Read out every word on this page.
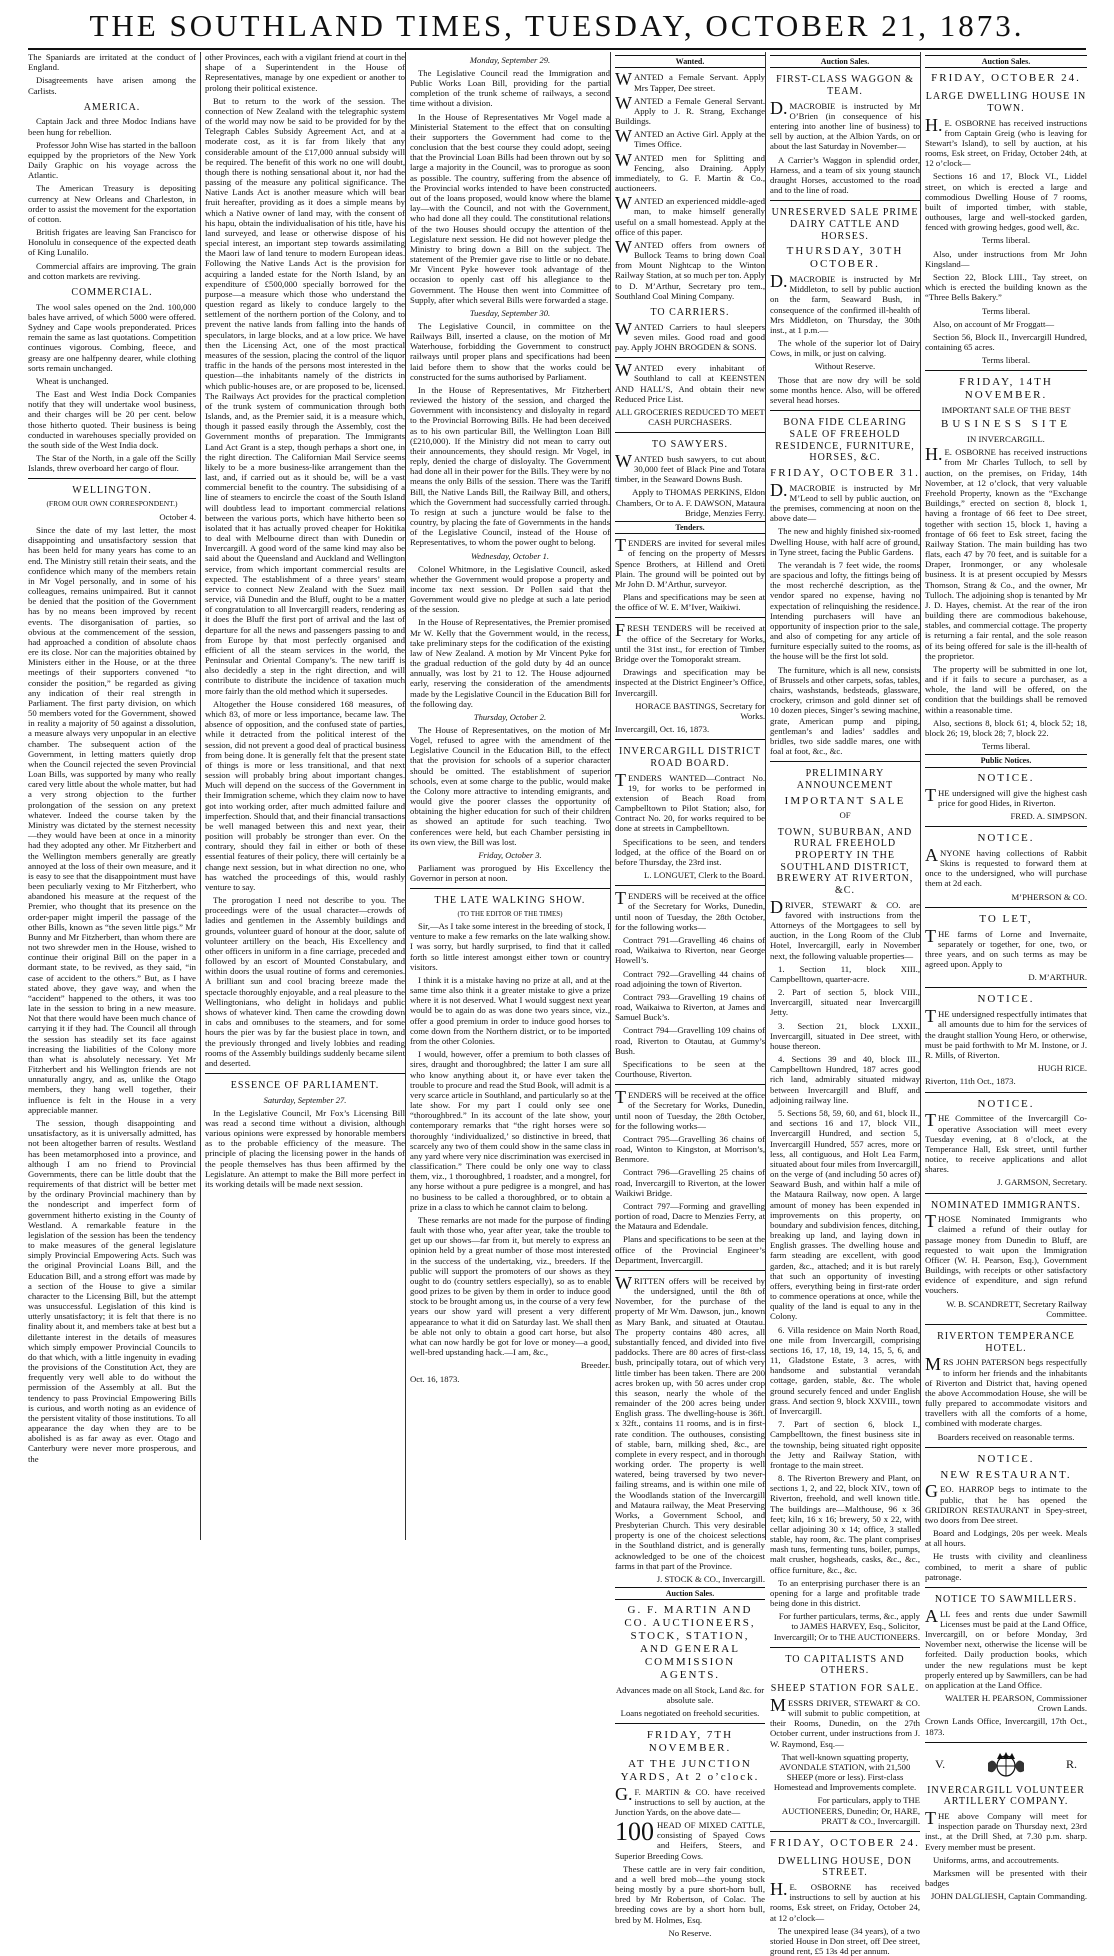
THE SOUTHLAND TIMES, TUESDAY, OCTOBER 21, 1873.

The Spaniards are irritated at the conduct of England.

Disagreements have arisen among the Carlists.

AMERICA.

Captain Jack and three Modoc Indians have been hung for rebellion.

Professor John Wise has started in the balloon equipped by the proprietors of the New York Daily Graphic on his voyage across the Atlantic.

The American Treasury is depositing currency at New Orleans and Charleston, in order to assist the movement for the exportation of cotton.

British frigates are leaving San Francisco for Honolulu in consequence of the expected death of King Lunalilo.

Commercial affairs are improving. The grain and cotton markets are reviving.

COMMERCIAL.

The wool sales opened on the 2nd. 100,000 bales have arrived, of which 5000 were offered. Sydney and Cape wools preponderated. Prices remain the same as last quotations. Competition continues vigorous. Combing, fleece, and greasy are one halfpenny dearer, while clothing sorts remain unchanged.

Wheat is unchanged.

The East and West India Dock Companies notify that they will undertake wool business, and their charges will be 20 per cent. below those hitherto quoted. Their business is being conducted in warehouses specially provided on the south side of the West India dock.

The Star of the North, in a gale off the Scilly Islands, threw overboard her cargo of flour.

WELLINGTON.

(FROM OUR OWN CORRESPONDENT.)

October 4.

Since the date of my last letter, the most disappointing and unsatisfactory session that has been held for many years has come to an end. The Ministry still retain their seats, and the confidence which many of the members retain in Mr Vogel personally, and in some of his colleagues, remains unimpaired. But it cannot be denied that the position of the Government has by no means been improved by recent events. The disorganisation of parties, so obvious at the commencement of the session, had approached a condition of absolute chaos ere its close. Nor can the majorities obtained by Ministers either in the House, or at the three meetings of their supporters convened “to consider the position,” be regarded as giving any indication of their real strength in Parliament. The first party division, on which 50 members voted for the Government, showed in reality a majority of 50 against a dissolution, a measure always very unpopular in an elective chamber. The subsequent action of the Government, in letting matters quietly drop when the Council rejected the seven Provincial Loan Bills, was supported by many who really cared very little about the whole matter, but had a very strong objection to the further prolongation of the session on any pretext whatever. Indeed the course taken by the Ministry was dictated by the sternest necessity—they would have been at once in a minority had they adopted any other. Mr Fitzherbert and the Wellington members generally are greatly annoyed at the loss of their own measure, and it is easy to see that the disappointment must have been peculiarly vexing to Mr Fitzherbert, who abandoned his measure at the request of the Premier, who thought that its presence on the order-paper might imperil the passage of the other Bills, known as “the seven little pigs.” Mr Bunny and Mr Fitzherbert, than whom there are not two shrewder men in the House, wished to continue their original Bill on the paper in a dormant state, to be revived, as they said, “in case of accident to the others.” But, as I have stated above, they gave way, and when the “accident” happened to the others, it was too late in the session to bring in a new measure. Not that there would have been much chance of carrying it if they had. The Council all through the session has steadily set its face against increasing the liabilities of the Colony more than what is absolutely necessary. Yet Mr Fitzherbert and his Wellington friends are not unnaturally angry, and as, unlike the Otago members, they hang well together, their influence is felt in the House in a very appreciable manner.

The session, though disappointing and unsatisfactory, as it is universally admitted, has not been altogether barren of results. Westland has been metamorphosed into a province, and although I am no friend to Provincial Governments, there can be little doubt that the requirements of that district will be better met by the ordinary Provincial machinery than by the nondescript and imperfect form of government hitherto existing in the County of Westland. A remarkable feature in the legislation of the session has been the tendency to make measures of the general legislature simply Provincial Empowering Acts. Such was the original Provincial Loans Bill, and the Education Bill, and a strong effort was made by a section of the House to give a similar character to the Licensing Bill, but the attempt was unsuccessful. Legislation of this kind is utterly unsatisfactory; it is felt that there is no finality about it, and members take at best but a dilettante interest in the details of measures which simply empower Provincial Councils to do that which, with a little ingenuity in evading the provisions of the Constitution Act, they are frequently very well able to do without the permission of the Assembly at all. But the tendency to pass Provincial Empowering Bills is curious, and worth noting as an evidence of the persistent vitality of those institutions. To all appearance the day when they are to be abolished is as far away as ever. Otago and Canterbury were never more prosperous, and the

other Provinces, each with a vigilant friend at court in the shape of a Superintendent in the House of Representatives, manage by one expedient or another to prolong their political existence.

But to return to the work of the session. The connection of New Zealand with the telegraphic system of the world may now be said to be provided for by the Telegraph Cables Subsidy Agreement Act, and at a moderate cost, as it is far from likely that any considerable amount of the £17,000 annual subsidy will be required. The benefit of this work no one will doubt, though there is nothing sensational about it, nor had the passing of the measure any political significance. The Native Lands Act is another measure which will bear fruit hereafter, providing as it does a simple means by which a Native owner of land may, with the consent of his hapu, obtain the individualisation of his title, have his land surveyed, and lease or otherwise dispose of his special interest, an important step towards assimilating the Maori law of land tenure to modern European ideas. Following the Native Lands Act is the provision for acquiring a landed estate for the North Island, by an expenditure of £500,000 specially borrowed for the purpose—a measure which those who understand the question regard as likely to conduce largely to the settlement of the northern portion of the Colony, and to prevent the native lands from falling into the hands of speculators, in large blocks, and at a low price. We have then the Licensing Act, one of the most practical measures of the session, placing the control of the liquor traffic in the hands of the persons most interested in the question—the inhabitants namely of the districts in which public-houses are, or are proposed to be, licensed. The Railways Act provides for the practical completion of the trunk system of communication through both Islands, and, as the Premier said, it is a measure which, though it passed easily through the Assembly, cost the Government months of preparation. The Immigrants Land Act Grant is a step, though perhaps a short one, in the right direction. The Californian Mail Service seems likely to be a more business-like arrangement than the last, and, if carried out as it should be, will be a vast commercial benefit to the country. The subsidising of a line of steamers to encircle the coast of the South Island will doubtless lead to important commercial relations between the various ports, which have hitherto been so isolated that it has actually proved cheaper for Hokitika to deal with Melbourne direct than with Dunedin or Invercargill. A good word of the same kind may also be said about the Queensland and Auckland and Wellington service, from which important commercial results are expected. The establishment of a three years’ steam service to connect New Zealand with the Suez mail service, viâ Dunedin and the Bluff, ought to be a matter of congratulation to all Invercargill readers, rendering as it does the Bluff the first port of arrival and the last of departure for all the news and passengers passing to and from Europe by that most perfectly organised and efficient of all the steam services in the world, the Peninsular and Oriental Company’s. The new tariff is also decidedly a step in the right direction, and will contribute to distribute the incidence of taxation much more fairly than the old method which it supersedes.

Altogether the House considered 168 measures, of which 83, of more or less importance, became law. The absence of opposition, and the confused state of parties, while it detracted from the political interest of the session, did not prevent a good deal of practical business from being done. It is generally felt that the present state of things is more or less transitional, and that next session will probably bring about important changes. Much will depend on the success of the Government in their Immigration scheme, which they claim now to have got into working order, after much admitted failure and imperfection. Should that, and their financial transactions be well managed between this and next year, their position will probably be stronger than ever. On the contrary, should they fail in either or both of these essential features of their policy, there will certainly be a change next session, but in what direction no one, who has watched the proceedings of this, would rashly venture to say.

The prorogation I need not describe to you. The proceedings were of the usual character—crowds of ladies and gentlemen in the Assembly buildings and grounds, volunteer guard of honour at the door, salute of volunteer artillery on the beach, His Excellency and other officers in uniform in a fine carriage, preceded and followed by an escort of Mounted Constabulary, and within doors the usual routine of forms and ceremonies. A brilliant sun and cool bracing breeze made the spectacle thoroughly enjoyable, and a real pleasure to the Wellingtonians, who delight in holidays and public shows of whatever kind. Then came the crowding down in cabs and omnibuses to the steamers, and for some hours the pier was by far the busiest place in town, and the previously thronged and lively lobbies and reading rooms of the Assembly buildings suddenly became silent and deserted.

ESSENCE OF PARLIAMENT.
Saturday, September 27.

In the Legislative Council, Mr Fox’s Licensing Bill was read a second time without a division, although various opinions were expressed by honorable members as to the probable efficiency of the measure. The principle of placing the licensing power in the hands of the people themselves has thus been affirmed by the Legislature. An attempt to make the Bill more perfect in its working details will be made next session.

Monday, September 29.

The Legislative Council read the Immigration and Public Works Loan Bill, providing for the partial completion of the trunk scheme of railways, a second time without a division.

In the House of Representatives Mr Vogel made a Ministerial Statement to the effect that on consulting their supporters the Government had come to the conclusion that the best course they could adopt, seeing that the Provincial Loan Bills had been thrown out by so large a majority in the Council, was to prorogue as soon as possible. The country, suffering from the absence of the Provincial works intended to have been constructed out of the loans proposed, would know where the blame lay—with the Council, and not with the Government, who had done all they could. The constitutional relations of the two Houses should occupy the attention of the Legislature next session. He did not however pledge the Ministry to bring down a Bill on the subject. The statement of the Premier gave rise to little or no debate. Mr Vincent Pyke however took advantage of the occasion to openly cast off his allegiance to the Government. The House then went into Committee of Supply, after which several Bills were forwarded a stage.

Tuesday, September 30.

The Legislative Council, in committee on the Railways Bill, inserted a clause, on the motion of Mr Waterhouse, forbidding the Government to construct railways until proper plans and specifications had been laid before them to show that the works could be constructed for the sums authorised by Parliament.

In the House of Representatives, Mr Fitzherbert reviewed the history of the session, and charged the Government with inconsistency and disloyalty in regard to the Provincial Borrowing Bills. He had been deceived as to his own particular Bill, the Wellington Loan Bill (£210,000). If the Ministry did not mean to carry out their announcements, they should resign. Mr Vogel, in reply, denied the charge of disloyalty. The Government had done all in their power for the Bills. They were by no means the only Bills of the session. There was the Tariff Bill, the Native Lands Bill, the Railway Bill, and others, which the Government had successfully carried through. To resign at such a juncture would be false to the country, by placing the fate of Governments in the hands of the Legislative Council, instead of the House of Representatives, to whom the power ought to belong.

Wednesday, October 1.

Colonel Whitmore, in the Legislative Council, asked whether the Government would propose a property and income tax next session. Dr Pollen said that the Government would give no pledge at such a late period of the session.

In the House of Representatives, the Premier promised Mr W. Kelly that the Government would, in the recess, take preliminary steps for the codification of the existing law of New Zealand. A motion by Mr Vincent Pyke for the gradual reduction of the gold duty by 4d an ounce annually, was lost by 21 to 12. The House adjourned early, reserving the consideration of the amendments made by the Legislative Council in the Education Bill for the following day.

Thursday, October 2.

The House of Representatives, on the motion of Mr Vogel, refused to agree with the amendment of the Legislative Council in the Education Bill, to the effect that the provision for schools of a superior character should be omitted. The establishment of superior schools, even at some charge to the public, would make the Colony more attractive to intending emigrants, and would give the poorer classes the opportunity of obtaining the higher education for such of their children as showed an aptitude for such teaching. Two conferences were held, but each Chamber persisting in its own view, the Bill was lost.

Friday, October 3.

Parliament was prorogued by His Excellency the Governor in person at noon.

THE LATE WALKING SHOW.

(TO THE EDITOR OF THE TIMES)

Sir,—As I take some interest in the breeding of stock, I venture to make a few remarks on the late walking show. I was sorry, but hardly surprised, to find that it called forth so little interest amongst either town or country visitors.

I think it is a mistake having no prize at all, and at the same time also think it a greater mistake to give a prize where it is not deserved. What I would suggest next year would be to again do as was done two years since, viz., offer a good premium in order to induce good horses to come down from the Northern district, or to be imported from the other Colonies.

I would, however, offer a premium to both classes of sires, draught and thoroughbred; the latter I am sure all who know anything about it, or have ever taken the trouble to procure and read the Stud Book, will admit is a very scarce article in Southland, and particularly so at the late show. For my part I could only see one “thoroughbred.” In its account of the late show, your contemporary remarks that “the right horses were so thoroughly ‘individualized,’ so distinctive in breed, that scarcely any two of them could show in the same class in any yard where very nice discrimination was exercised in classification.” There could be only one way to class them, viz., 1 thoroughbred, 1 roadster, and a mongrel, for any horse without a pure pedigree is a mongrel, and has no business to be called a thoroughbred, or to obtain a prize in a class to which he cannot claim to belong.

These remarks are not made for the purpose of finding fault with those who, year after year, take the trouble to get up our shows—far from it, but merely to express an opinion held by a great number of those most interested in the success of the undertaking, viz., breeders. If the public will support the promoters of our shows as they ought to do (country settlers especially), so as to enable good prizes to be given by them in order to induce good stock to be brought among us, in the course of a very few years our show yard will present a very different appearance to what it did on Saturday last. We shall then be able not only to obtain a good cart horse, but also what can now hardly be got for love or money—a good, well-bred upstanding hack.—I am, &c.,

Breeder.

Oct. 16, 1873.

Wanted.

WANTED a Female Servant. Apply Mrs Tapper, Dee street.

WANTED a Female General Servant. Apply to J. R. Strang, Exchange Buildings.

WANTED an Active Girl. Apply at the Times Office.

WANTED men for Splitting and Fencing, also Draining. Apply immediately, to G. F. Martin & Co., auctioneers.

WANTED an experienced middle-aged man, to make himself generally useful on a small homestead. Apply at the office of this paper.

WANTED offers from owners of Bullock Teams to bring down Coal from Mount Nightcap to the Winton Railway Station, at so much per ton. Apply to D. M’Arthur, Secretary pro tem., Southland Coal Mining Company.

TO CARRIERS.

WANTED Carriers to haul sleepers seven miles. Good road and good pay. Apply JOHN BROGDEN & SONS.

WANTED every inhabitant of Southland to call at KEENSTEN AND HALL’S, And obtain their new Reduced Price List.

ALL GROCERIES REDUCED TO MEET CASH PURCHASERS.

TO SAWYERS.

WANTED bush sawyers, to cut about 30,000 feet of Black Pine and Totara timber, in the Seaward Downs Bush.

Apply to THOMAS PERKINS, Eldon Chambers, Or to A. F. DAWSON, Mataura Bridge, Menzies Ferry.

Tenders.

TENDERS are invited for several miles of fencing on the property of Messrs Spence Brothers, at Hillend and Oreti Plain. The ground will be pointed out by Mr John D. M’Arthur, surveyor.

Plans and specifications may be seen at the office of W. E. M’Iver, Waikiwi.

FRESH TENDERS will be received at the office of the Secretary for Works, until the 31st inst., for erection of Timber Bridge over the Tomoporakt stream.

Drawings and specification may be inspected at the District Engineer’s Office, Invercargill.

HORACE BASTINGS, Secretary for Works.

Invercargill, Oct. 16, 1873.

INVERCARGILL DISTRICT ROAD BOARD.

TENDERS WANTED—Contract No. 19, for works to be performed in extension of Beach Road from Campbelltown to Pilot Station; also, for Contract No. 20, for works required to be done at streets in Campbelltown.

Specifications to be seen, and tenders lodged, at the office of the Board on or before Thursday, the 23rd inst.

L. LONGUET, Clerk to the Board.

TENDERS will be received at the office of the Secretary for Works, Dunedin, until noon of Tuesday, the 28th October, for the following works—

Contract 791—Gravelling 46 chains of road, Waikaiwa to Riverton, near George Howell’s.

Contract 792—Gravelling 44 chains of road adjoining the town of Riverton.

Contract 793—Gravelling 19 chains of road, Waikaiwa to Riverton, at James and Samuel Buck’s.

Contract 794—Gravelling 109 chains of road, Riverton to Otautau, at Gummy’s Bush.

Specifications to be seen at the Courthouse, Riverton.

TENDERS will be received at the office of the Secretary for Works, Dunedin, until noon of Tuesday, the 28th October, for the following works—

Contract 795—Gravelling 36 chains of road, Winton to Kingston, at Morrison’s, Benmore.

Contract 796—Gravelling 25 chains of road, Invercargill to Riverton, at the lower Waikiwi Bridge.

Contract 797—Forming and gravelling portion of road, Dacre to Menzies Ferry, at the Mataura and Edendale.

Plans and specifications to be seen at the office of the Provincial Engineer’s Department, Invercargill.

WRITTEN offers will be received by the undersigned, until the 8th of November, for the purchase of the property of Mr Wm. Dawson, jun., known as Mary Bank, and situated at Otautau. The property contains 480 acres, all substantially fenced, and divided into five paddocks. There are 80 acres of first-class bush, principally totara, out of which very little timber has been taken. There are 200 acres broken up, with 50 acres under crop this season, nearly the whole of the remainder of the 200 acres being under English grass. The dwelling-house is 36ft. x 32ft., contains 11 rooms, and is in first-rate condition. The outhouses, consisting of stable, barn, milking shed, &c., are complete in every respect, and in thorough working order. The property is well watered, being traversed by two never-failing streams, and is within one mile of the Woodlands station of the Invercargill and Mataura railway, the Meat Preserving Works, a Government School, and Presbyterian Church. This very desirable property is one of the choicest selections in the Southland district, and is generally acknowledged to be one of the choicest farms in that part of the Province.

J. STOCK & CO., Invercargill.

Auction Sales.

G. F. MARTIN AND CO. AUCTIONEERS, STOCK, STATION, AND GENERAL COMMISSION AGENTS.

Advances made on all Stock, Land &c. for absolute sale.

Loans negotiated on freehold securities.

FRIDAY, 7TH NOVEMBER.

AT THE JUNCTION YARDS, At 2 o’clock.

G.F. MARTIN & CO. have received instructions to sell by auction, at the Junction Yards, on the above date—

100 HEAD OF MIXED CATTLE, consisting of Spayed Cows and Heifers, Steers, and Superior Breeding Cows.

These cattle are in very fair condition, and a well bred mob—the young stock being mostly by a pure short-horn bull, bred by Mr Robertson, of Colac. The breeding cows are by a short horn bull, bred by M. Holmes, Esq.

No Reserve.

Auction Sales.
FIRST-CLASS WAGGON & TEAM.

D.MACROBIE is instructed by Mr O’Brien (in consequence of his entering into another line of business) to sell by auction, at the Albion Yards, on or about the last Saturday in November—

A Carrier’s Waggon in splendid order, Harness, and a team of six young staunch draught Horses, accustomed to the road and to the line of road.

UNRESERVED SALE PRIME DAIRY CATTLE AND HORSES.

THURSDAY, 30TH OCTOBER.

D.MACROBIE is instructed by Mr Middleton, to sell by public auction on the farm, Seaward Bush, in consequence of the confirmed ill-health of Mrs Middleton, on Thursday, the 30th inst., at 1 p.m.—

The whole of the superior lot of Dairy Cows, in milk, or just on calving.

Without Reserve.

Those that are now dry will be sold some months hence. Also, will be offered several head horses.

BONA FIDE CLEARING SALE OF FREEHOLD RESIDENCE, FURNITURE, HORSES, &C.

FRIDAY, OCTOBER 31.

D.MACROBIE is instructed by Mr M’Leod to sell by public auction, on the premises, commencing at noon on the above date—

The new and highly finished six-roomed Dwelling House, with half acre of ground, in Tyne street, facing the Public Gardens.

The verandah is 7 feet wide, the rooms are spacious and lofty, the fittings being of the most recherché description, as the vendor spared no expense, having no expectation of relinquishing the residence. Intending purchasers will have an opportunity of inspection prior to the sale, and also of competing for any article of furniture especially suited to the rooms, as the house will be the first lot sold.

The furniture, which is all new, consists of Brussels and other carpets, sofas, tables, chairs, washstands, bedsteads, glassware, crockery, crimson and gold dinner set of 10 dozen pieces, Singer’s sewing machine, grate, American pump and piping, gentleman’s and ladies’ saddles and bridles, two side saddle mares, one with foal at foot, &c., &c.

PRELIMINARY ANNOUNCEMENT

IMPORTANT SALE

OF

TOWN, SUBURBAN, AND RURAL FREEHOLD PROPERTY IN THE SOUTHLAND DISTRICT, BREWERY AT RIVERTON, &C.

DRIVER, STEWART & CO. are favored with instructions from the Attorneys of the Mortgagees to sell by auction, in the Long Room of the Club Hotel, Invercargill, early in November next, the following valuable properties—

1. Section 11, block XIII., Campbelltown, quarter-acre.

2. Part of section 5, block VIII., Invercargill, situated near Invercargill Jetty.

3. Section 21, block LXXII., Invercargill, situated in Dee street, with house thereon.

4. Sections 39 and 40, block III., Campbelltown Hundred, 187 acres good rich land, admirably situated midway between Invercargill and Bluff, and adjoining railway line.

5. Sections 58, 59, 60, and 61, block II., and sections 16 and 17, block VII., Invercargill Hundred, and section 5, Invercargill Hundred, 557 acres, more or less, all contiguous, and Holt Lea Farm, situated about four miles from Invercargill, on the verge of (and including 50 acres of) Seaward Bush, and within half a mile of the Mataura Railway, now open. A large amount of money has been expended in improvements on this property, on boundary and subdivision fences, ditching, breaking up land, and laying down in English grasses. The dwelling house and farm steading are excellent, with good garden, &c., attached; and it is but rarely that such an opportunity of investing offers, everything being in first-rate order to commence operations at once, while the quality of the land is equal to any in the Colony.

6. Villa residence on Main North Road, one mile from Invercargill, comprising sections 16, 17, 18, 19, 14, 15, 5, 6, and 11, Gladstone Estate, 3 acres, with handsome and substantial verandah cottage, garden, stable, &c. The whole ground securely fenced and under English grass. And section 9, block XXVIII., town of Invercargill.

7. Part of section 6, block I., Campbelltown, the finest business site in the township, being situated right opposite the Jetty and Railway Station, with frontage to the main street.

8. The Riverton Brewery and Plant, on sections 1, 2, and 22, block XIV., town of Riverton, freehold, and well known title. The buildings are—Malthouse, 96 x 36 feet; kiln, 16 x 16; brewery, 50 x 22, with cellar adjoining 30 x 14; office, 3 stalled stable, hay room, &c. The plant comprises mash tuns, fermenting tuns, boiler, pumps, malt crusher, hogsheads, casks, &c., &c., office furniture, &c., &c.

To an enterprising purchaser there is an opening for a large and profitable trade being done in this district.

For further particulars, terms, &c., apply to JAMES HARVEY, Esq., Solicitor, Invercargill; Or to THE AUCTIONEERS.

TO CAPITALISTS AND OTHERS.
SHEEP STATION FOR SALE.

MESSRS DRIVER, STEWART & CO. will submit to public competition, at their Rooms, Dunedin, on the 27th October current, under instructions from J. W. Raymond, Esq.—

That well-known squatting property, AVONDALE STATION, with 21,500 SHEEP (more or less). First-class Homestead and Improvements complete.

For particulars, apply to THE AUCTIONEERS, Dunedin; Or, HARE, PRATT & CO., Invercargill.

FRIDAY, OCTOBER 24.

DWELLING HOUSE, DON STREET.

H.E. OSBORNE has received instructions to sell by auction at his rooms, Esk street, on Friday, October 24, at 12 o’clock—

The unexpired lease (34 years), of a two storied House in Don street, off Dee street, ground rent, £5 13s 4d per annum.

Auction Sales.

FRIDAY, OCTOBER 24.

LARGE DWELLING HOUSE IN TOWN.

H.E. OSBORNE has received instructions from Captain Greig (who is leaving for Stewart’s Island), to sell by auction, at his rooms, Esk street, on Friday, October 24th, at 12 o’clock—

Sections 16 and 17, Block VI., Liddel street, on which is erected a large and commodious Dwelling House of 7 rooms, built of imported timber, with stable, outhouses, large and well-stocked garden, fenced with growing hedges, good well, &c.

Terms liberal.

Also, under instructions from Mr John Kingsland—

Section 22, Block LIII., Tay street, on which is erected the building known as the “Three Bells Bakery.”

Terms liberal.

Also, on account of Mr Froggatt—

Section 56, Block II., Invercargill Hundred, containing 65 acres.

Terms liberal.

FRIDAY, 14TH NOVEMBER.

IMPORTANT SALE OF THE BEST

BUSINESS SITE

IN INVERCARGILL.

H.E. OSBORNE has received instructions from Mr Charles Tulloch, to sell by auction, on the premises, on Friday, 14th November, at 12 o’clock, that very valuable Freehold Property, known as the “Exchange Buildings,” erected on section 8, block 1, having a frontage of 66 feet to Dee street, together with section 15, block 1, having a frontage of 66 feet to Esk street, facing the Railway Station. The main building has two flats, each 47 by 70 feet, and is suitable for a Draper, Ironmonger, or any wholesale business. It is at present occupied by Messrs Thomson, Strang & Co., and the owner, Mr Tulloch. The adjoining shop is tenanted by Mr J. D. Hayes, chemist. At the rear of the iron building there are commodious bakehouse, stables, and commercial cottage. The property is returning a fair rental, and the sole reason of its being offered for sale is the ill-health of the proprietor.

The property will be submitted in one lot, and if it fails to secure a purchaser, as a whole, the land will be offered, on the condition that the buildings shall be removed within a reasonable time.

Also, sections 8, block 61; 4, block 52; 18, block 26; 19, block 28; 7, block 22.

Terms liberal.

Public Notices.

NOTICE.

THE undersigned will give the highest cash price for good Hides, in Riverton.

FRED. A. SIMPSON.

NOTICE.

ANYONE having collections of Rabbit Skins is requested to forward them at once to the undersigned, who will purchase them at 2d each.

M’PHERSON & CO.

TO LET,

THE farms of Lorne and Invernaite, separately or together, for one, two, or three years, and on such terms as may be agreed upon. Apply to

D. M’ARTHUR.

NOTICE.

THE undersigned respectfully intimates that all amounts due to him for the services of the draught stallion Young Hero, or otherwise, must be paid forthwith to Mr M. Instone, or J. R. Mills, of Riverton.

HUGH RICE.

Riverton, 11th Oct., 1873.

NOTICE.

THE Committee of the Invercargill Co-operative Association will meet every Tuesday evening, at 8 o’clock, at the Temperance Hall, Esk street, until further notice, to receive applications and allot shares.

J. GARMSON, Secretary.

NOMINATED IMMIGRANTS.

THOSE Nominated Immigrants who claimed a refund of their outlay for passage money from Dunedin to Bluff, are requested to wait upon the Immigration Officer (W. H. Pearson, Esq.), Government Buildings, with receipts or other satisfactory evidence of expenditure, and sign refund vouchers.

W. B. SCANDRETT, Secretary Railway Committee.

RIVERTON TEMPERANCE HOTEL.

MRS JOHN PATERSON begs respectfully to inform her friends and the inhabitants of Riverton and District that, having opened the above Accommodation House, she will be fully prepared to accommodate visitors and travellers with all the comforts of a home, combined with moderate charges.

Boarders received on reasonable terms.

NOTICE.

NEW RESTAURANT.

GEO. HARROP begs to intimate to the public, that he has opened the GRIDIRON RESTAURANT in Spey-street, two doors from Dee street.

Board and Lodgings, 20s per week. Meals at all hours.

He trusts with civility and cleanliness combined, to merit a share of public patronage.

NOTICE TO SAWMILLERS.

ALL fees and rents due under Sawmill Licenses must be paid at the Land Office, Invercargill, on or before Monday, 3rd November next, otherwise the license will be forfeited. Daily production books, which under the new regulations must be kept properly entered up by Sawmillers, can be had on application at the Land Office.

WALTER H. PEARSON, Commissioner Crown Lands.

Crown Lands Office, Invercargill, 17th Oct., 1873.

V.	R.
INVERCARGILL VOLUNTEER ARTILLERY COMPANY.

THE above Company will meet for inspection parade on Thursday next, 23rd inst., at the Drill Shed, at 7.30 p.m. sharp. Every member must be present.

Uniforms, arms, and accoutrements.

Marksmen will be presented with their badges

JOHN DALGLIESH, Captain Commanding.
